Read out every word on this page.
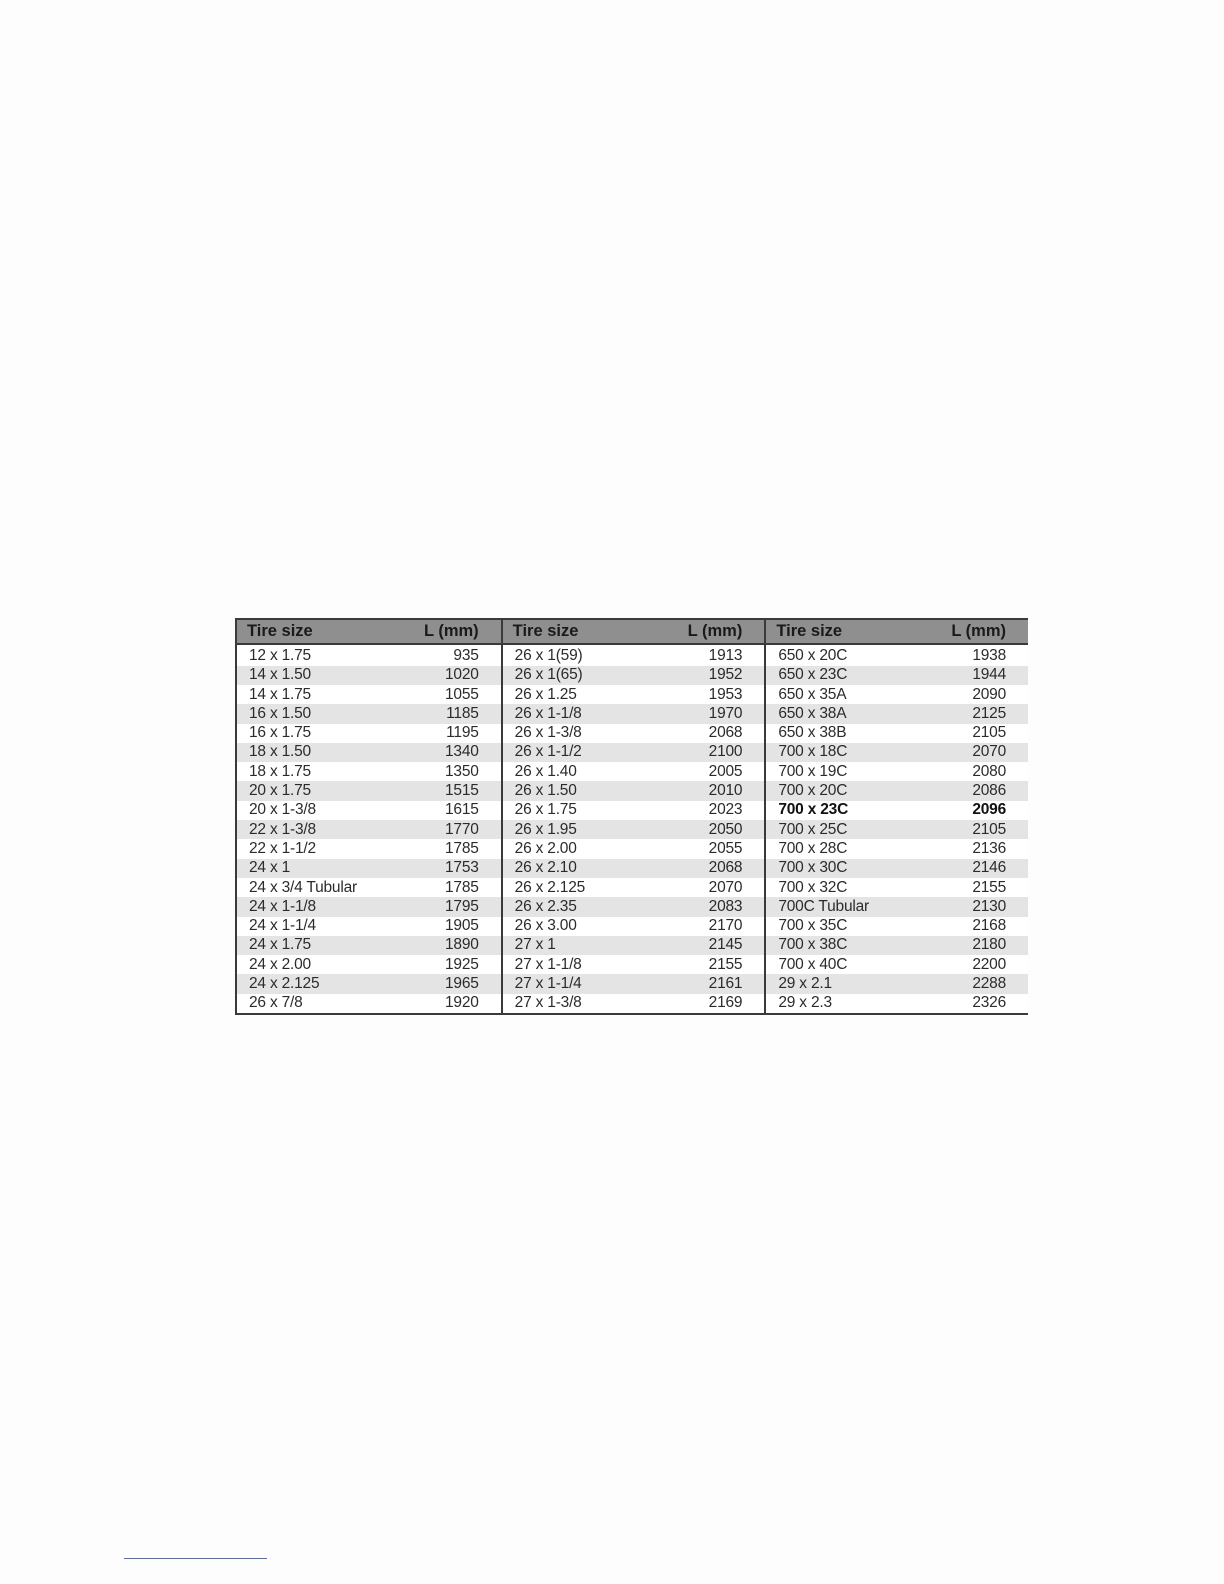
Tire size	L (mm)
12 x 1.75	935
14 x 1.50	1020
14 x 1.75	1055
16 x 1.50	1185
16 x 1.75	1195
18 x 1.50	1340
18 x 1.75	1350
20 x 1.75	1515
20 x 1-3/8	1615
22 x 1-3/8	1770
22 x 1-1/2	1785
24 x 1	1753
24 x 3/4 Tubular	1785
24 x 1-1/8	1795
24 x 1-1/4	1905
24 x 1.75	1890
24 x 2.00	1925
24 x 2.125	1965
26 x 7/8	1920
Tire size	L (mm)
26 x 1(59)	1913
26 x 1(65)	1952
26 x 1.25	1953
26 x 1-1/8	1970
26 x 1-3/8	2068
26 x 1-1/2	2100
26 x 1.40	2005
26 x 1.50	2010
26 x 1.75	2023
26 x 1.95	2050
26 x 2.00	2055
26 x 2.10	2068
26 x 2.125	2070
26 x 2.35	2083
26 x 3.00	2170
27 x 1	2145
27 x 1-1/8	2155
27 x 1-1/4	2161
27 x 1-3/8	2169
Tire size	L (mm)
650 x 20C	1938
650 x 23C	1944
650 x 35A	2090
650 x 38A	2125
650 x 38B	2105
700 x 18C	2070
700 x 19C	2080
700 x 20C	2086
700 x 23C	2096
700 x 25C	2105
700 x 28C	2136
700 x 30C	2146
700 x 32C	2155
700C Tubular	2130
700 x 35C	2168
700 x 38C	2180
700 x 40C	2200
29 x 2.1	2288
29 x 2.3	2326
